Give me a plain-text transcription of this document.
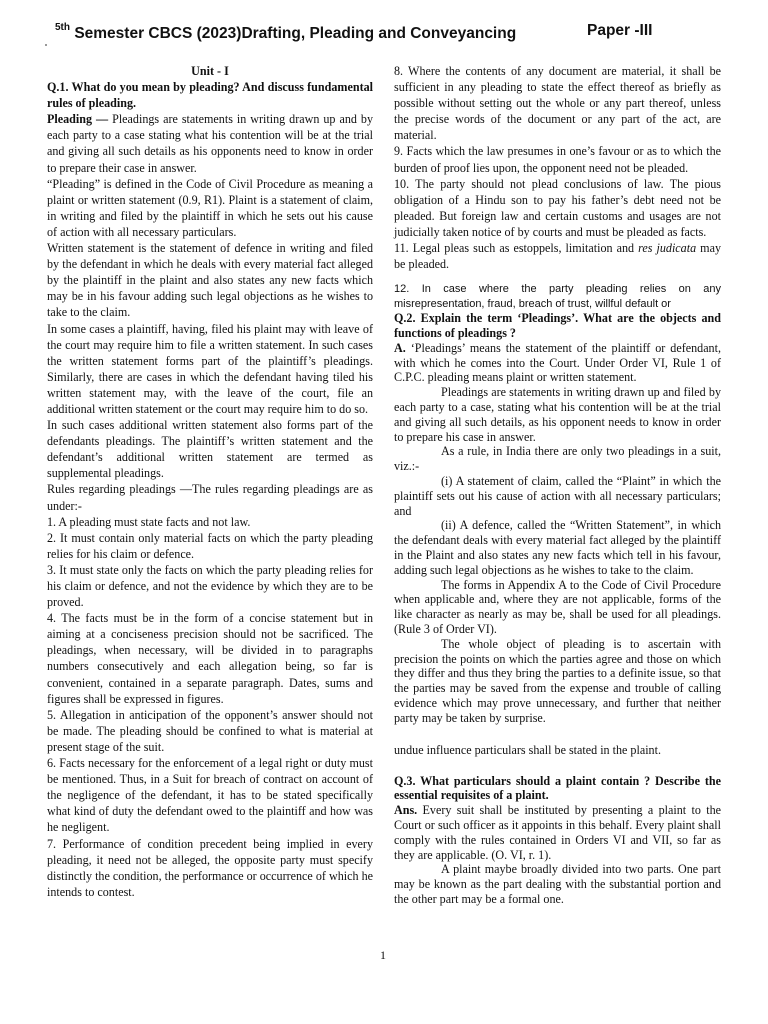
$^{5th}$ Semester CBCS (2023)Drafting, Pleading and Conveyancing	Paper -III

Unit - I

Q.1. What do you mean by pleading? And discuss fundamental rules of pleading.

Pleading — Pleadings are statements in writing drawn up and by each party to a case stating what his contention will be at the trial and giving all such details as his opponents need to know in order to prepare their case in answer.

“Pleading” is defined in the Code of Civil Procedure as meaning a plaint or written statement (0.9, R1). Plaint is a statement of claim, in writing and filed by the plaintiff in which he sets out his cause of action with all necessary particulars.

Written statement is the statement of defence in writing and filed by the defendant in which he deals with every material fact alleged by the plaintiff in the plaint and also states any new facts which may be in his favour adding such legal objections as he wishes to take to the claim.

In some cases a plaintiff, having, filed his plaint may with leave of the court may require him to file a written statement. In such cases the written statement forms part of the plaintiff’s pleadings. Similarly, there are cases in which the defendant having tiled his written statement may, with the leave of the court, file an additional written statement or the court may require him to do so.

In such cases additional written statement also forms part of the defendants pleadings. The plaintiff’s written statement and the defendant’s additional written statement are termed as supplemental pleadings.

Rules regarding pleadings —The rules regarding pleadings are as under:-

1. A pleading must state facts and not law.

2. It must contain only material facts on which the party pleading relies for his claim or defence.

3. It must state only the facts on which the party pleading relies for his claim or defence, and not the evidence by which they are to be proved.

4. The facts must be in the form of a concise statement but in aiming at a conciseness precision should not be sacrificed. The pleadings, when necessary, will be divided in to paragraphs numbers consecutively and each allegation being, so far is convenient, contained in a separate paragraph. Dates, sums and figures shall be expressed in figures.

5. Allegation in anticipation of the opponent’s answer should not be made. The pleading should be confined to what is material at present stage of the suit.

6. Facts necessary for the enforcement of a legal right or duty must be mentioned. Thus, in a Suit for breach of contract on account of the negligence of the defendant, it has to be stated specifically what kind of duty the defendant owed to the plaintiff and how was he negligent.

7. Performance of condition precedent being implied in every pleading, it need not be alleged, the opposite party must specify distinctly the condition, the performance or occurrence of which he intends to contest.

8. Where the contents of any document are material, it shall be sufficient in any pleading to state the effect thereof as briefly as possible without setting out the whole or any part thereof, unless the precise words of the document or any part of the act, are material.

9. Facts which the law presumes in one’s favour or as to which the burden of proof lies upon, the opponent need not be pleaded.

10. The party should not plead conclusions of law. The pious obligation of a Hindu son to pay his father’s debt need not be pleaded. But foreign law and certain customs and usages are not judicially taken notice of by courts and must be pleaded as facts.

11. Legal pleas such as estoppels, limitation and res judicata may be pleaded.

12. In case where the party pleading relies on any misrepresentation, fraud, breach of trust, willful default or

Q.2. Explain the term ‘Pleadings’. What are the objects and functions of pleadings ?

A. ‘Pleadings’ means the statement of the plaintiff or defendant, with which he comes into the Court. Under Order VI, Rule 1 of C.P.C. pleading means plaint or written statement.

Pleadings are statements in writing drawn up and filed by each party to a case, stating what his contention will be at the trial and giving all such details, as his opponent needs to know in order to prepare his case in answer.

As a rule, in India there are only two pleadings in a suit, viz.:-

(i) A statement of claim, called the “Plaint” in which the plaintiff sets out his cause of action with all necessary particulars; and

(ii) A defence, called the “Written Statement”, in which the defendant deals with every material fact alleged by the plaintiff in the Plaint and also states any new facts which tell in his favour, adding such legal objections as he wishes to take to the claim.

The forms in Appendix A to the Code of Civil Procedure when applicable and, where they are not applicable, forms of the like character as nearly as may be, shall be used for all pleadings. (Rule 3 of Order VI).

The whole object of pleading is to ascertain with precision the points on which the parties agree and those on which they differ and thus they bring the parties to a definite issue, so that the parties may be saved from the expense and trouble of calling evidence which may prove unnecessary, and further that neither party may be taken by surprise.

undue influence particulars shall be stated in the plaint.

Q.3. What particulars should a plaint contain ? Describe the essential requisites of a plaint.

Ans. Every suit shall be instituted by presenting a plaint to the Court or such officer as it appoints in this behalf. Every plaint shall comply with the rules contained in Orders VI and VII, so far as they are applicable. (O. VI, r. 1).

A plaint maybe broadly divided into two parts. One part may be known as the part dealing with the substantial portion and the other part may be a formal one.

1
